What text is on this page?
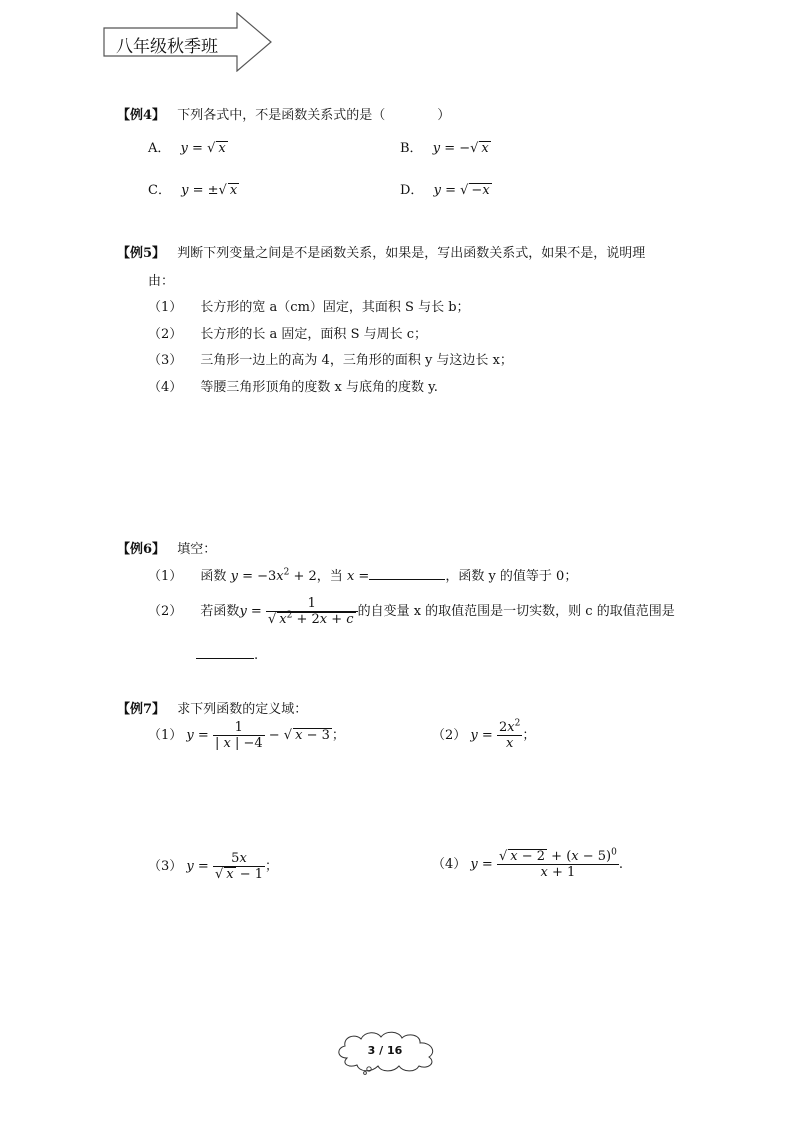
八年级秋季班
【例4】 下列各式中，不是函数关系式的是（　　　　）
A． y = √ x	B． y = −√ x
C． y = ±√ x	D． y = √ −x
【例5】 判断下列变量之间是不是函数关系，如果是，写出函数关系式，如果不是，说明理
由：
（1） 长方形的宽 a（cm）固定，其面积 S 与长 b；
（2） 长方形的长 a 固定，面积 S 与周长 c；
（3） 三角形一边上的高为 4，三角形的面积 y 与这边长 x；
（4） 等腰三角形顶角的度数 x 与底角的度数 y.
【例6】 填空：
（1） 函数 $y = -3x^2 + 2$，当 x =	，函数 y 的值等于 0；
（2） 若函数$y = \frac{1}{√ x^2 + 2x + c}$ 的自变量 x 的取值范围是一切实数，则 c 的取值范围是
.
【例7】 求下列函数的定义域：
（1） $y = \frac{1}{| x | -4}$ − √ x − 3 ；	（2） $y = \frac{2x^2}{x}$ ；
（3） $y = \frac{5x}{√ x - 1}$ ；	（4） $y = \frac{√ x - 2 + (x - 5)^0}{x + 1}$ .
3 / 16
